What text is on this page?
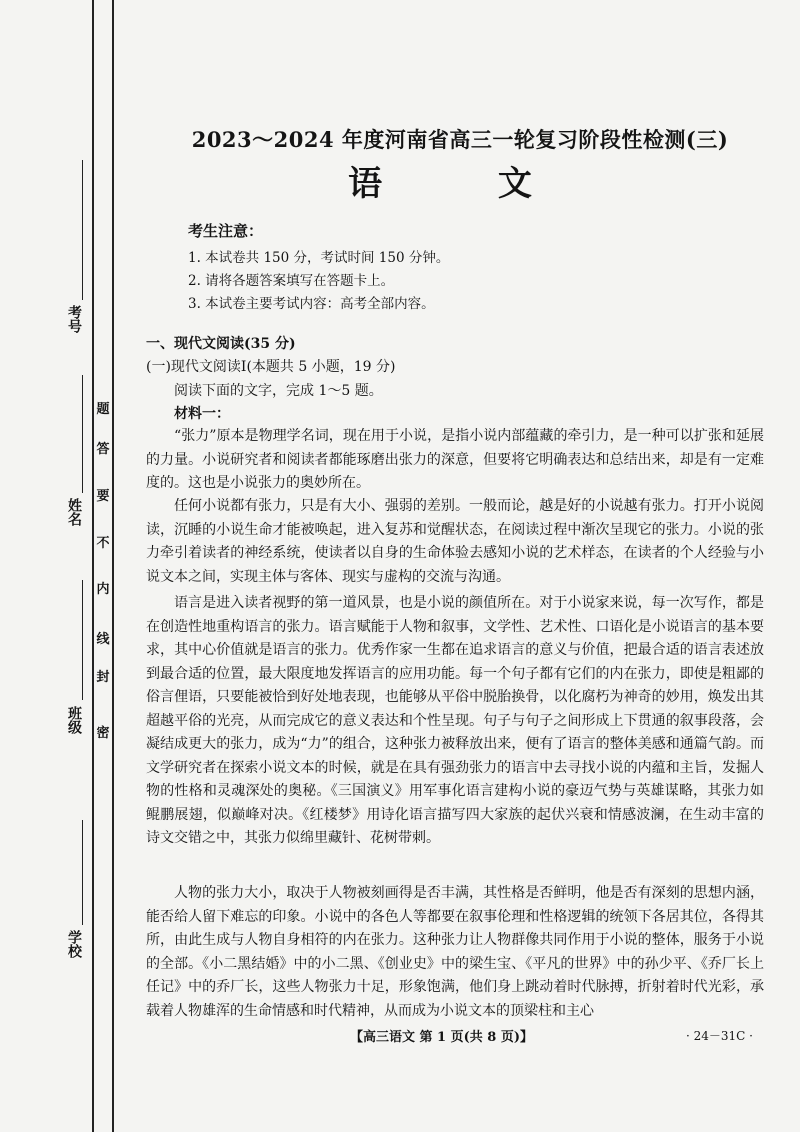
考号
姓名
班级
学校
密
封
线
内
不
要
答
题
2023～2024 年度河南省高三一轮复习阶段性检测(三)
语 文
考生注意：
1. 本试卷共 150 分，考试时间 150 分钟。
2. 请将各题答案填写在答题卡上。
3. 本试卷主要考试内容：高考全部内容。
一、现代文阅读(35 分)
(一)现代文阅读Ⅰ(本题共 5 小题，19 分)
阅读下面的文字，完成 1～5 题。
材料一：

“张力”原本是物理学名词，现在用于小说，是指小说内部蕴藏的牵引力，是一种可以扩张和延展的力量。小说研究者和阅读者都能琢磨出张力的深意，但要将它明确表达和总结出来，却是有一定难度的。这也是小说张力的奥妙所在。

任何小说都有张力，只是有大小、强弱的差别。一般而论，越是好的小说越有张力。打开小说阅读，沉睡的小说生命才能被唤起，进入复苏和觉醒状态，在阅读过程中渐次呈现它的张力。小说的张力牵引着读者的神经系统，使读者以自身的生命体验去感知小说的艺术样态，在读者的个人经验与小说文本之间，实现主体与客体、现实与虚构的交流与沟通。

语言是进入读者视野的第一道风景，也是小说的颜值所在。对于小说家来说，每一次写作，都是在创造性地重构语言的张力。语言赋能于人物和叙事，文学性、艺术性、口语化是小说语言的基本要求，其中心价值就是语言的张力。优秀作家一生都在追求语言的意义与价值，把最合适的语言表述放到最合适的位置，最大限度地发挥语言的应用功能。每一个句子都有它们的内在张力，即使是粗鄙的俗言俚语，只要能被恰到好处地表现，也能够从平俗中脱胎换骨，以化腐朽为神奇的妙用，焕发出其超越平俗的光亮，从而完成它的意义表达和个性呈现。句子与句子之间形成上下贯通的叙事段落，会凝结成更大的张力，成为“力”的组合，这种张力被释放出来，便有了语言的整体美感和通篇气韵。而文学研究者在探索小说文本的时候，就是在具有强劲张力的语言中去寻找小说的内蕴和主旨，发掘人物的性格和灵魂深处的奥秘。《三国演义》用军事化语言建构小说的豪迈气势与英雄谋略，其张力如鲲鹏展翅，似巅峰对决。《红楼梦》用诗化语言描写四大家族的起伏兴衰和情感波澜，在生动丰富的诗文交错之中，其张力似绵里藏针、花树带刺。

人物的张力大小，取决于人物被刻画得是否丰满，其性格是否鲜明，他是否有深刻的思想内涵，能否给人留下难忘的印象。小说中的各色人等都要在叙事伦理和性格逻辑的统领下各居其位，各得其所，由此生成与人物自身相符的内在张力。这种张力让人物群像共同作用于小说的整体，服务于小说的全部。《小二黑结婚》中的小二黑、《创业史》中的梁生宝、《平凡的世界》中的孙少平、《乔厂长上任记》中的乔厂长，这些人物张力十足，形象饱满，他们身上跳动着时代脉搏，折射着时代光彩，承载着人物雄浑的生命情感和时代精神，从而成为小说文本的顶梁柱和主心

【高三语文 第 1 页(共 8 页)】	· 24－31C ·
